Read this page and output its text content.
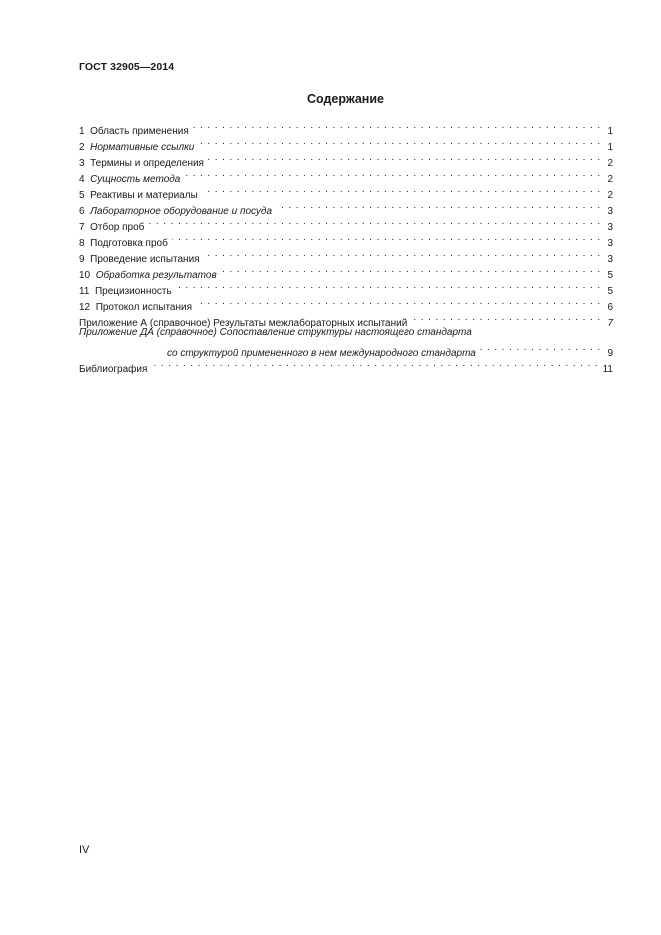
ГОСТ 32905—2014
Содержание
1 Область применения . . .	1
2 Нормативные ссылки . . .	1
3 Термины и определения . . .	2
4 Сущность метода . . .	2
5 Реактивы и материалы . . .	2
6 Лабораторное оборудование и посуда . . .	3
7 Отбор проб . . .	3
8 Подготовка проб . . .	3
9 Проведение испытания . . .	3
10 Обработка результатов . . .	5
11 Прецизионность . . .	5
12 Протокол испытания . . .	6
Приложение А (справочное) Результаты межлабораторных испытаний . . .	7
Приложение ДА (справочное) Сопоставление структуры настоящего стандарта
со структурой примененного в нем международного стандарта . . .	9
Библиография . . .	11
IV
